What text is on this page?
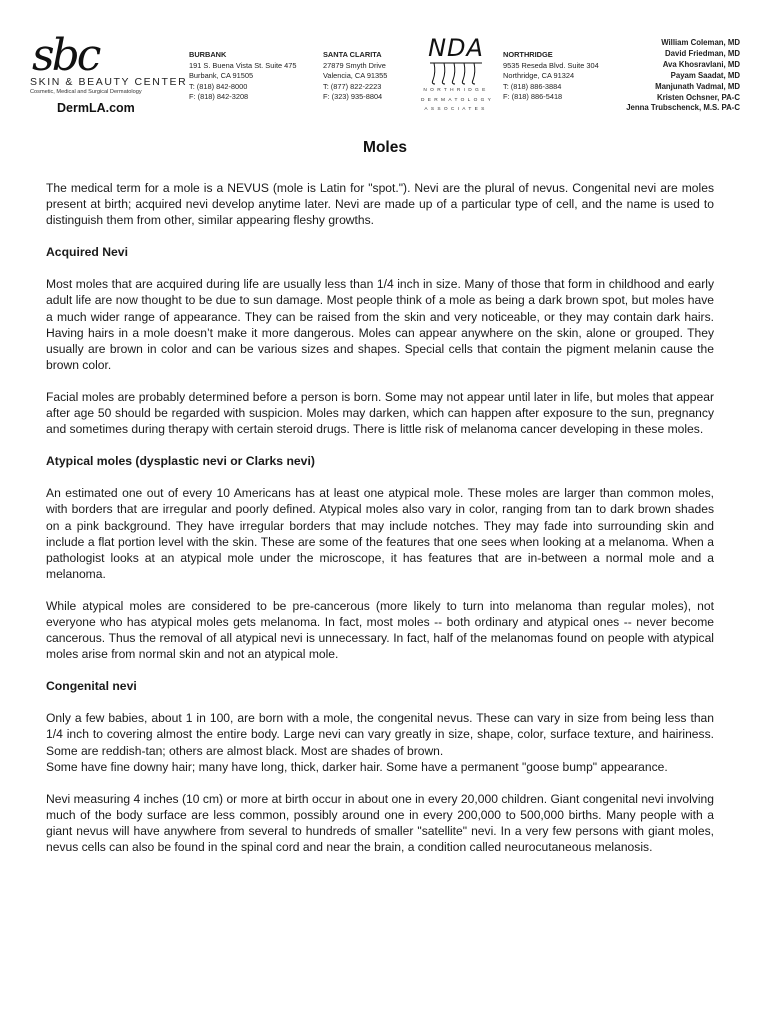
sbc
SKIN & BEAUTY CENTER
Cosmetic, Medical and Surgical Dermatology
DermLA.com
BURBANK
191 S. Buena Vista St. Suite 475
Burbank, CA 91505
T: (818) 842-8000
F: (818) 842-3208
SANTA CLARITA
27879 Smyth Drive
Valencia, CA 91355
T: (877) 822-2223
F: (323) 935-8804
NDA
NORTHRIDGE
DERMATOLOGY
ASSOCIATES
NORTHRIDGE
9535 Reseda Blvd. Suite 304
Northridge, CA 91324
T: (818) 886-3884
F: (818) 886-5418
William Coleman, MD
David Friedman, MD
Ava Khosravlani, MD
Payam Saadat, MD
Manjunath Vadmal, MD
Kristen Ochsner, PA-C
Jenna Trubschenck, M.S. PA-C
Moles

The medical term for a mole is a NEVUS (mole is Latin for "spot."). Nevi are the plural of nevus. Congenital nevi are moles present at birth; acquired nevi develop anytime later. Nevi are made up of a particular type of cell, and the name is used to distinguish them from other, similar appearing fleshy growths.

Acquired Nevi

Most moles that are acquired during life are usually less than 1/4 inch in size. Many of those that form in childhood and early adult life are now thought to be due to sun damage. Most people think of a mole as being a dark brown spot, but moles have a much wider range of appearance. They can be raised from the skin and very noticeable, or they may contain dark hairs. Having hairs in a mole doesn’t make it more dangerous. Moles can appear anywhere on the skin, alone or grouped. They usually are brown in color and can be various sizes and shapes. Special cells that contain the pigment melanin cause the brown color.

Facial moles are probably determined before a person is born. Some may not appear until later in life, but moles that appear after age 50 should be regarded with suspicion. Moles may darken, which can happen after exposure to the sun, pregnancy and sometimes during therapy with certain steroid drugs. There is little risk of melanoma cancer developing in these moles.

Atypical moles (dysplastic nevi or Clarks nevi)

An estimated one out of every 10 Americans has at least one atypical mole. These moles are larger than common moles, with borders that are irregular and poorly defined. Atypical moles also vary in color, ranging from tan to dark brown shades on a pink background. They have irregular borders that may include notches. They may fade into surrounding skin and include a flat portion level with the skin. These are some of the features that one sees when looking at a melanoma. When a pathologist looks at an atypical mole under the microscope, it has features that are in-between a normal mole and a melanoma.

While atypical moles are considered to be pre-cancerous (more likely to turn into melanoma than regular moles), not everyone who has atypical moles gets melanoma. In fact, most moles -- both ordinary and atypical ones -- never become cancerous. Thus the removal of all atypical nevi is unnecessary. In fact, half of the melanomas found on people with atypical moles arise from normal skin and not an atypical mole.

Congenital nevi

Only a few babies, about 1 in 100, are born with a mole, the congenital nevus. These can vary in size from being less than 1/4 inch to covering almost the entire body. Large nevi can vary greatly in size, shape, color, surface texture, and hairiness. Some are reddish-tan; others are almost black. Most are shades of brown.

Some have fine downy hair; many have long, thick, darker hair. Some have a permanent "goose bump" appearance.

Nevi measuring 4 inches (10 cm) or more at birth occur in about one in every 20,000 children. Giant congenital nevi involving much of the body surface are less common, possibly around one in every 200,000 to 500,000 births. Many people with a giant nevus will have anywhere from several to hundreds of smaller "satellite" nevi. In a very few persons with giant moles, nevus cells can also be found in the spinal cord and near the brain, a condition called neurocutaneous melanosis.
